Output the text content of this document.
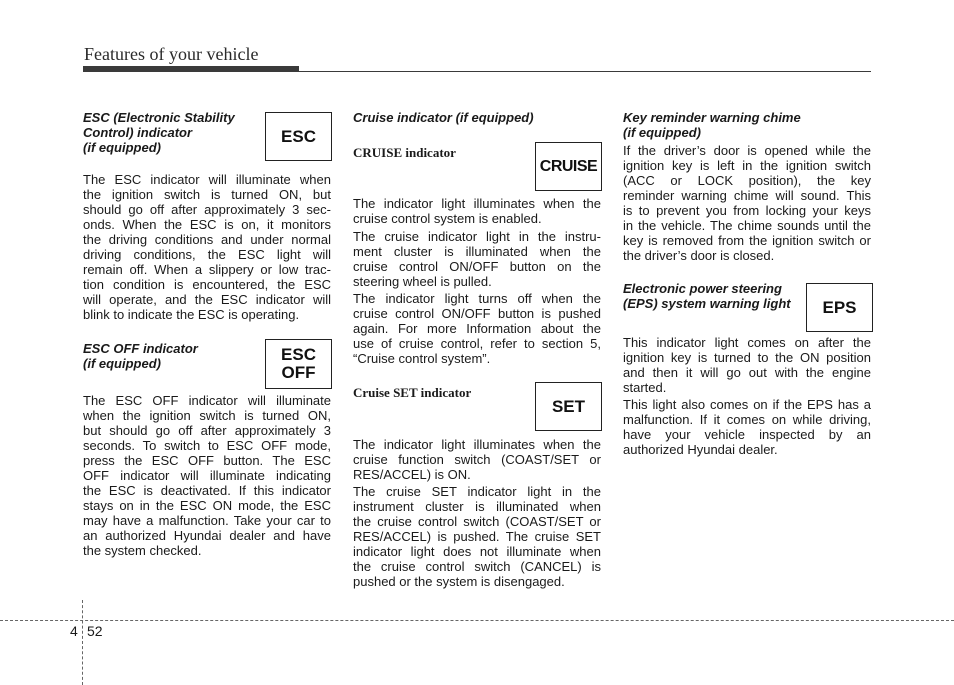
Features of your vehicle
ESC (Electronic Stability
Control) indicator
(if equipped)
ESC
The ESC indicator will illuminate when
the ignition switch is turned ON, but
should go off after approximately 3 sec-
onds. When the ESC is on, it monitors
the driving conditions and under normal
driving conditions, the ESC light will
remain off. When a slippery or low trac-
tion condition is encountered, the ESC
will operate, and the ESC indicator will
blink to indicate the ESC is operating.
ESC OFF indicator
(if equipped)	ESC
OFF
The ESC OFF indicator will illuminate
when the ignition switch is turned ON,
but should go off after approximately 3
seconds. To switch to ESC OFF mode,
press the ESC OFF button. The ESC
OFF indicator will illuminate indicating
the ESC is deactivated. If this indicator
stays on in the ESC ON mode, the ESC
may have a malfunction. Take your car to
an authorized Hyundai dealer and have
the system checked.
Cruise indicator (if equipped)
CRUISE indicator
CRUISE
The indicator light illuminates when the
cruise control system is enabled.
The cruise indicator light in the instru-
ment cluster is illuminated when the
cruise control ON/OFF button on the
steering wheel is pulled.
The indicator light turns off when the
cruise control ON/OFF button is pushed
again. For more Information about the
use of cruise control, refer to section 5,
“Cruise control system”.
Cruise SET indicator
SET
The indicator light illuminates when the
cruise function switch (COAST/SET or
RES/ACCEL) is ON.
The cruise SET indicator light in the
instrument cluster is illuminated when
the cruise control switch (COAST/SET or
RES/ACCEL) is pushed. The cruise SET
indicator light does not illuminate when
the cruise control switch (CANCEL) is
pushed or the system is disengaged.
Key reminder warning chime
(if equipped)
If the driver’s door is opened while the
ignition key is left in the ignition switch
(ACC or LOCK position), the key
reminder warning chime will sound. This
is to prevent you from locking your keys
in the vehicle. The chime sounds until the
key is removed from the ignition switch or
the driver’s door is closed.
Electronic power steering
(EPS) system warning light EPS
This indicator light comes on after the
ignition key is turned to the ON position
and then it will go out with the engine
started.
This light also comes on if the EPS has a
malfunction. If it comes on while driving,
have your vehicle inspected by an
authorized Hyundai dealer.
4 52
